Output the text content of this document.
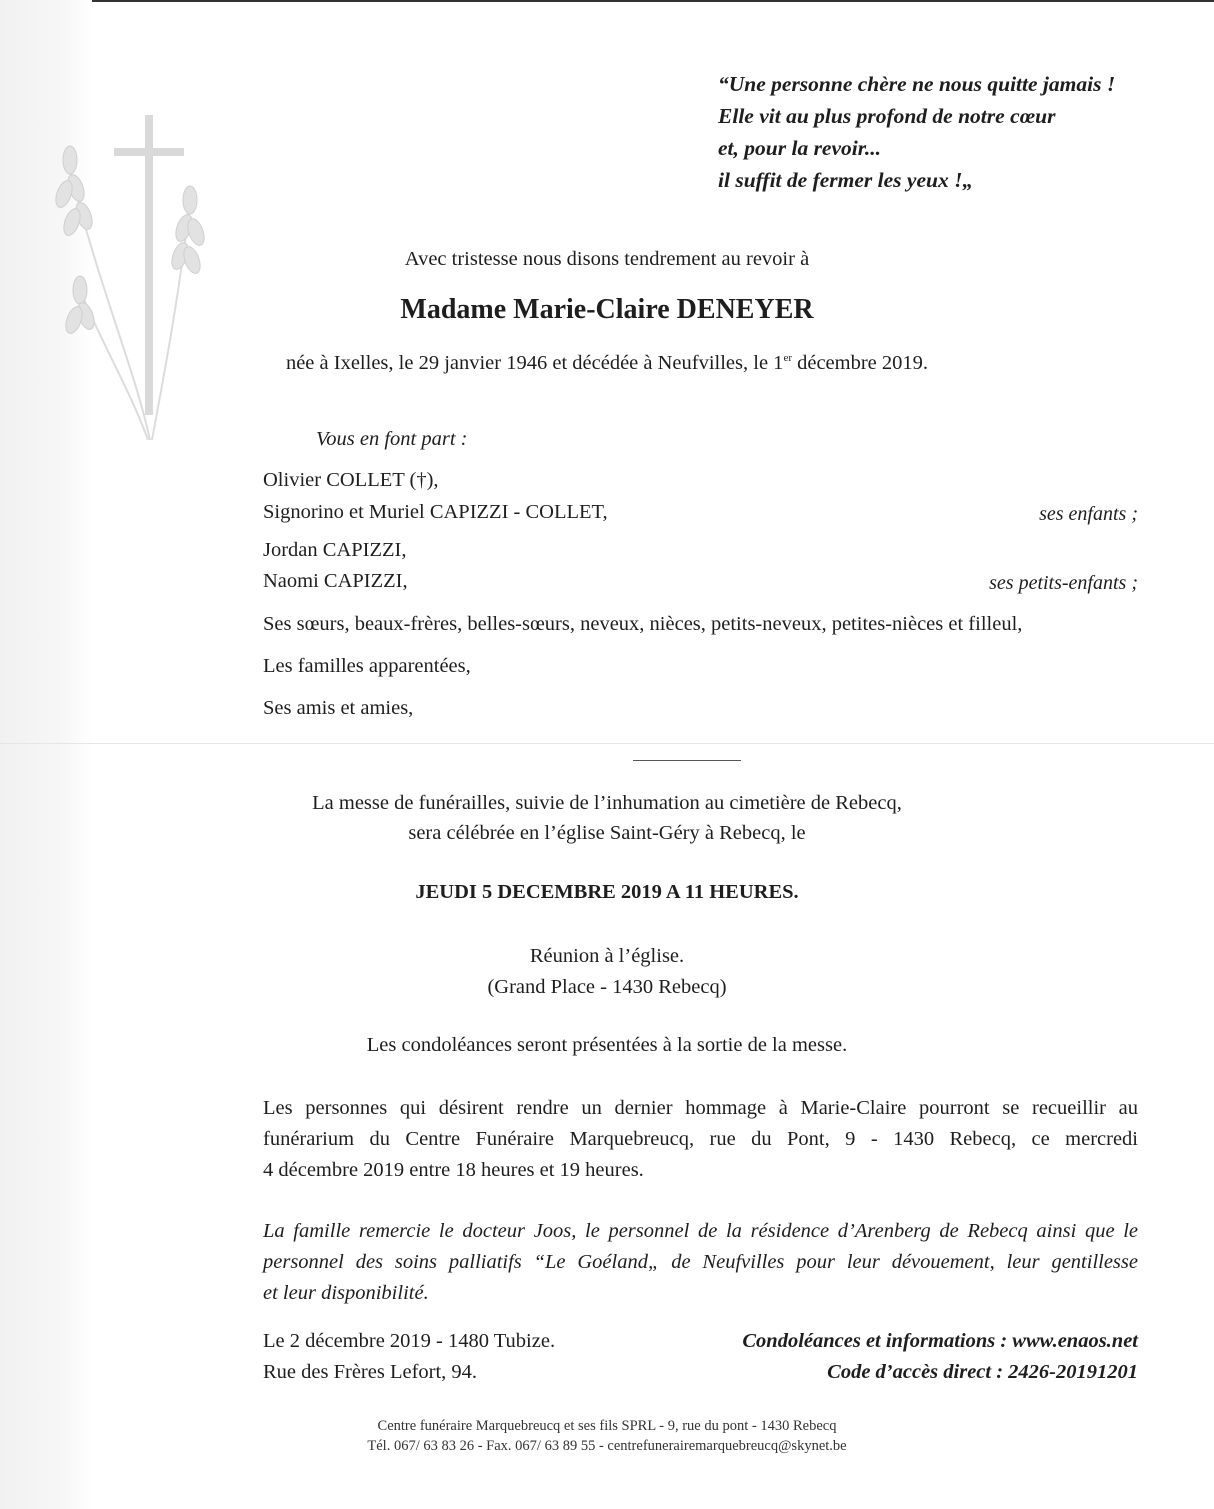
“Une personne chère ne nous quitte jamais !
Elle vit au plus profond de notre cœur
et, pour la revoir...
il suffit de fermer les yeux !„
Avec tristesse nous disons tendrement au revoir à
Madame Marie-Claire DENEYER
née à Ixelles, le 29 janvier 1946 et décédée à Neufvilles, le 1er décembre 2019.
Vous en font part :
Olivier COLLET (†),
Signorino et Muriel CAPIZZI - COLLET,	ses enfants ;
Jordan CAPIZZI,
Naomi CAPIZZI,	ses petits-enfants ;
Ses sœurs, beaux-frères, belles-sœurs, neveux, nièces, petits-neveux, petites-nièces et filleul,
Les familles apparentées,
Ses amis et amies,
La messe de funérailles, suivie de l’inhumation au cimetière de Rebecq,
sera célébrée en l’église Saint-Géry à Rebecq, le
JEUDI 5 DECEMBRE 2019 A 11 HEURES.
Réunion à l’église.
(Grand Place - 1430 Rebecq)
Les condoléances seront présentées à la sortie de la messe.
Les personnes qui désirent rendre un dernier hommage à Marie-Claire pourront se recueillir au
funérarium du Centre Funéraire Marquebreucq, rue du Pont, 9 - 1430 Rebecq, ce mercredi
4 décembre 2019 entre 18 heures et 19 heures.
La famille remercie le docteur Joos, le personnel de la résidence d’Arenberg de Rebecq ainsi que le
personnel des soins palliatifs “Le Goéland„ de Neufvilles pour leur dévouement, leur gentillesse
et leur disponibilité.
Le 2 décembre 2019 - 1480 Tubize.
Rue des Frères Lefort, 94.
Condoléances et informations : www.enaos.net
Code d’accès direct : 2426-20191201
Centre funéraire Marquebreucq et ses fils SPRL - 9, rue du pont - 1430 Rebecq
Tél. 067/ 63 83 26 - Fax. 067/ 63 89 55 - centrefunerairemarquebreucq@skynet.be
